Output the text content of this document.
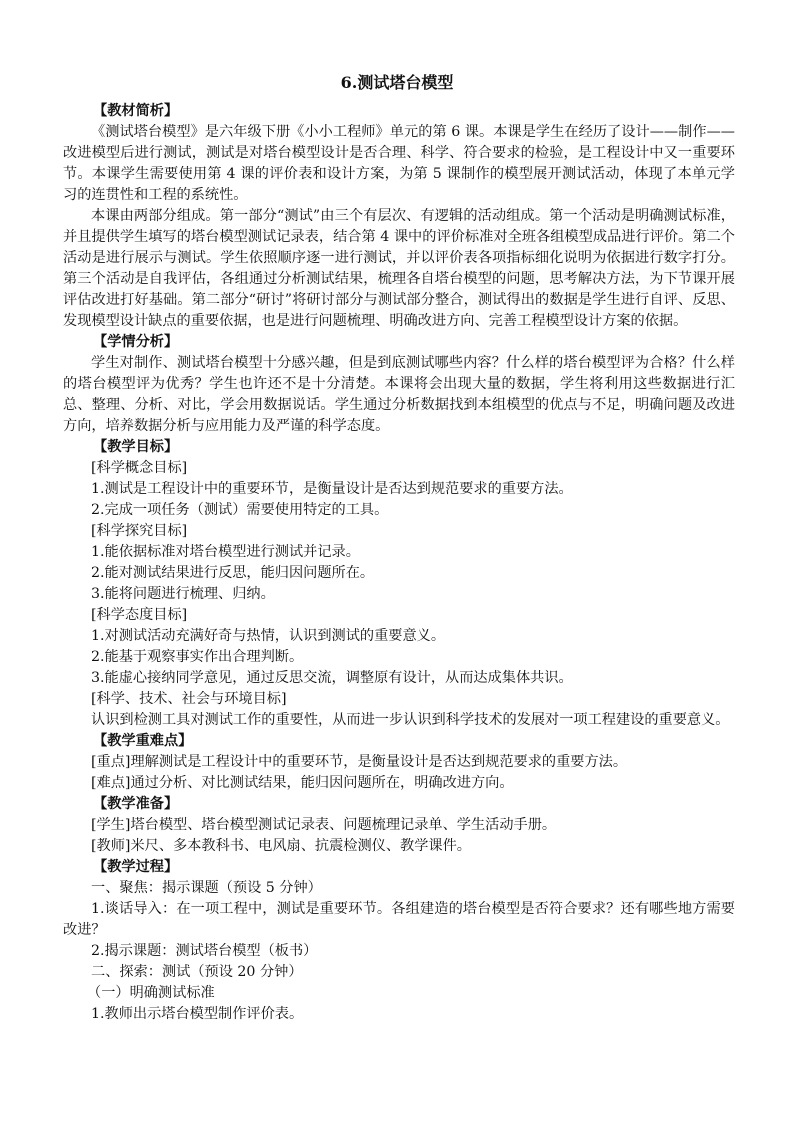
6.测试塔台模型

【教材简析】

《测试塔台模型》是六年级下册《小小工程师》单元的第 6 课。本课是学生在经历了设计——制作——改进模型后进行测试，测试是对塔台模型设计是否合理、科学、符合要求的检验，是工程设计中又一重要环节。本课学生需要使用第 4 课的评价表和设计方案，为第 5 课制作的模型展开测试活动，体现了本单元学习的连贯性和工程的系统性。

本课由两部分组成。第一部分“测试”由三个有层次、有逻辑的活动组成。第一个活动是明确测试标准，并且提供学生填写的塔台模型测试记录表，结合第 4 课中的评价标准对全班各组模型成品进行评价。第二个活动是进行展示与测试。学生依照顺序逐一进行测试，并以评价表各项指标细化说明为依据进行数字打分。第三个活动是自我评估，各组通过分析测试结果，梳理各自塔台模型的问题，思考解决方法，为下节课开展评估改进打好基础。第二部分“研讨”将研讨部分与测试部分整合，测试得出的数据是学生进行自评、反思、发现模型设计缺点的重要依据，也是进行问题梳理、明确改进方向、完善工程模型设计方案的依据。

【学情分析】

学生对制作、测试塔台模型十分感兴趣，但是到底测试哪些内容？什么样的塔台模型评为合格？什么样的塔台模型评为优秀？学生也许还不是十分清楚。本课将会出现大量的数据，学生将利用这些数据进行汇总、整理、分析、对比，学会用数据说话。学生通过分析数据找到本组模型的优点与不足，明确问题及改进方向，培养数据分析与应用能力及严谨的科学态度。

【教学目标】

[科学概念目标]

1.测试是工程设计中的重要环节，是衡量设计是否达到规范要求的重要方法。

2.完成一项任务（测试）需要使用特定的工具。

[科学探究目标]

1.能依据标准对塔台模型进行测试并记录。

2.能对测试结果进行反思，能归因问题所在。

3.能将问题进行梳理、归纳。

[科学态度目标]

1.对测试活动充满好奇与热情，认识到测试的重要意义。

2.能基于观察事实作出合理判断。

3.能虚心接纳同学意见，通过反思交流，调整原有设计，从而达成集体共识。

[科学、技术、社会与环境目标]

认识到检测工具对测试工作的重要性，从而进一步认识到科学技术的发展对一项工程建设的重要意义。

【教学重难点】

[重点]理解测试是工程设计中的重要环节，是衡量设计是否达到规范要求的重要方法。

[难点]通过分析、对比测试结果，能归因问题所在，明确改进方向。

【教学准备】

[学生]塔台模型、塔台模型测试记录表、问题梳理记录单、学生活动手册。

[教师]米尺、多本教科书、电风扇、抗震检测仪、教学课件。

【教学过程】

一、聚焦：揭示课题（预设 5 分钟）

1.谈话导入：在一项工程中，测试是重要环节。各组建造的塔台模型是否符合要求？还有哪些地方需要改进？

2.揭示课题：测试塔台模型（板书）

二、探索：测试（预设 20 分钟）

（一）明确测试标准

1.教师出示塔台模型制作评价表。
